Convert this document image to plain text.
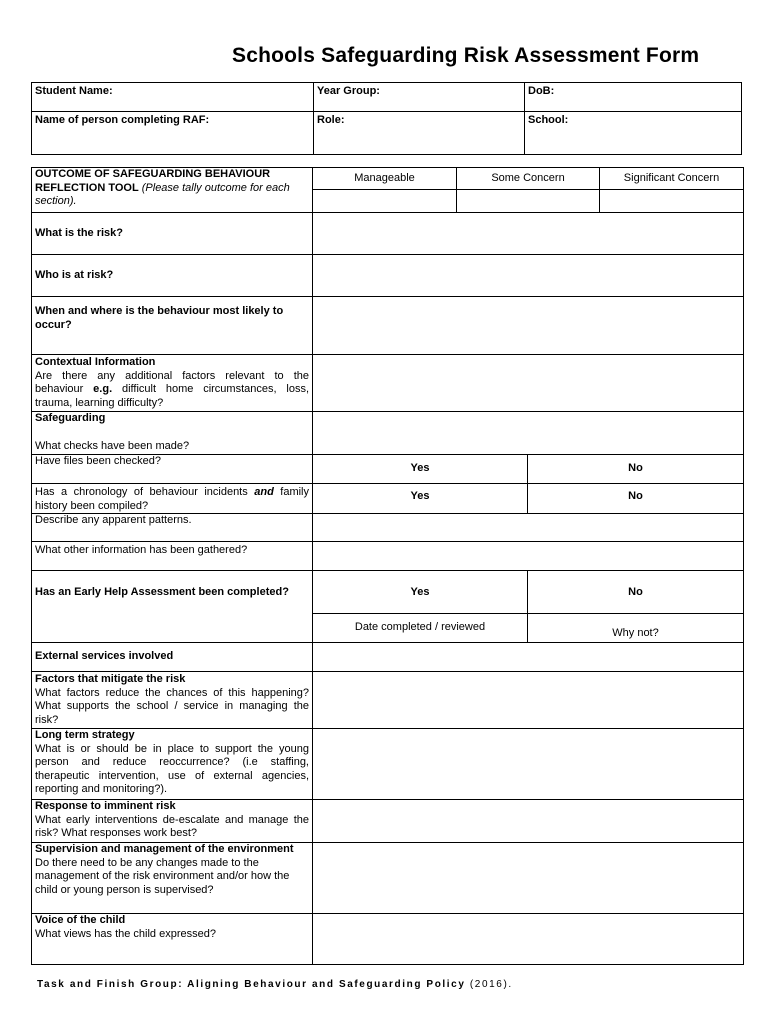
Schools Safeguarding Risk Assessment Form
Student Name:	Year Group:	DoB:

Name of person completing RAF:	Role:	School:
OUTCOME OF SAFEGUARDING BEHAVIOUR REFLECTION TOOL (Please tally outcome for each section).	Manageable	Some Concern		Significant Concern

What is the risk?				
Who is at risk?				

When and where is the behaviour most likely to occur?				

Contextual Information
Are there any additional factors relevant to the behaviour e.g. difficult home circumstances, loss, trauma, learning difficulty?				

Safeguarding
What checks have been made?				

Have files been checked?	Yes		No	

Has a chronology of behaviour incidents and family history been compiled?	Yes		No	

Describe any apparent patterns.				

What other information has been gathered?				

Has an Early Help Assessment been completed?	Yes		No	

	Date completed / reviewed		Why not?	

External services involved				

Factors that mitigate the risk
What factors reduce the chances of this happening? What supports the school / service in managing the risk?				

Long term strategy
What is or should be in place to support the young person and reduce reoccurrence? (i.e staffing, therapeutic intervention, use of external agencies, reporting and monitoring?).				

Response to imminent risk
What early interventions de-escalate and manage the risk? What responses work best?				

Supervision and management of the environment
Do there need to be any changes made to the management of the risk environment and/or how the child or young person is supervised?				

Voice of the child
What views has the child expressed?				

Task and Finish Group: Aligning Behaviour and Safeguarding Policy (2016).
